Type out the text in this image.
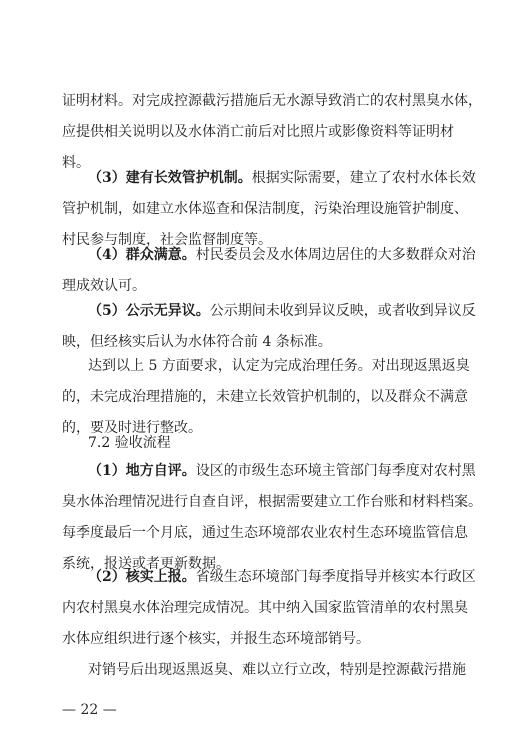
证明材料。对完成控源截污措施后无水源导致消亡的农村黑臭水体，
应提供相关说明以及水体消亡前后对比照片或影像资料等证明材
料。
（3）建有长效管护机制。根据实际需要，建立了农村水体长效
管护机制，如建立水体巡查和保洁制度，污染治理设施管护制度、
村民参与制度，社会监督制度等。
（4）群众满意。村民委员会及水体周边居住的大多数群众对治
理成效认可。
（5）公示无异议。公示期间未收到异议反映，或者收到异议反
映，但经核实后认为水体符合前 4 条标准。
达到以上 5 方面要求，认定为完成治理任务。对出现返黑返臭
的，未完成治理措施的，未建立长效管护机制的，以及群众不满意
的，要及时进行整改。
7.2 验收流程
（1）地方自评。设区的市级生态环境主管部门每季度对农村黑
臭水体治理情况进行自查自评，根据需要建立工作台账和材料档案。
每季度最后一个月底，通过生态环境部农业农村生态环境监管信息
系统，报送或者更新数据。
（2）核实上报。省级生态环境部门每季度指导并核实本行政区
内农村黑臭水体治理完成情况。其中纳入国家监管清单的农村黑臭
水体应组织进行逐个核实，并报生态环境部销号。
对销号后出现返黑返臭、难以立行立改，特别是控源截污措施
— 22 —
